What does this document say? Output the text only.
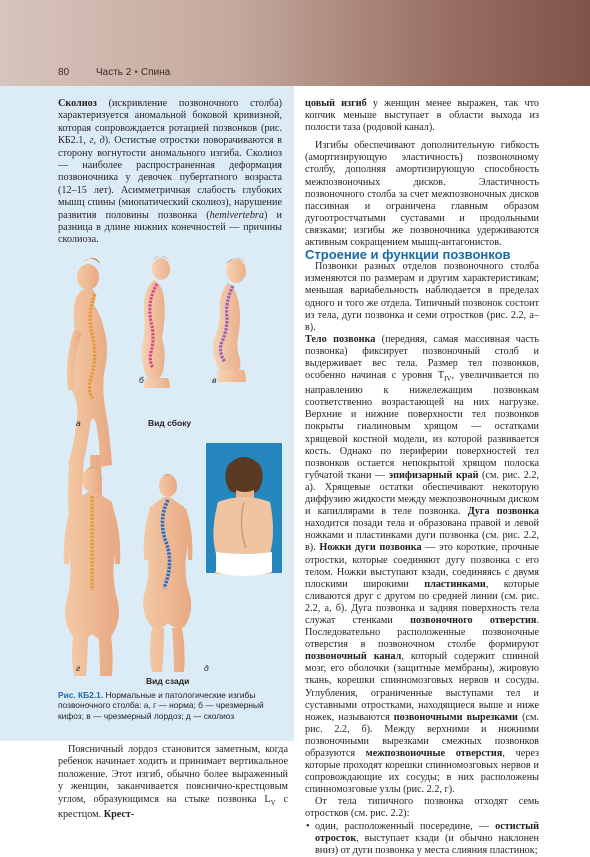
80	Часть 2 • Спина

Сколиоз (искривление позвоночного столба) характеризуется аномальной боковой кривизной, которая сопровождается ротацией позвонков (рис. КБ2.1, г, д). Остистые отростки поворачиваются в сторону вогнутости аномального изгиба. Сколиоз — наиболее распространенная деформация позвоночника у девочек пубертатного возраста (12–15 лет). Асимметричная слабость глубоких мышц спины (миопатический сколиоз), нарушение развития половины позвонка (hemivertebra) и разница в длине нижних конечностей — причины сколиоза.

а
б	в
Вид сбоку
г	д
Вид сзади
Рис. КБ2.1. Нормальные и патологические изгибы позвоночного столба: а, г — норма; б — чрезмерный кифоз; в — чрезмерный лордоз; д — сколиоз

Поясничный лордоз становится заметным, когда ребенок начинает ходить и принимает вертикальное положение. Этот изгиб, обычно более выраженный у женщин, заканчивается пояснично-крестцовым углом, образующимся на стыке позвонка $L_V$ с крестцом. Крест-

цовый изгиб у женщин менее выражен, так что копчик меньше выступает в области выхода из полости таза (родовой канал).

Изгибы обеспечивают дополнительную гибкость (амортизирующую эластичность) позвоночному столбу, дополняя амортизирующую способность межпозвоночных дисков. Эластичность позвоночного столба за счет межпозвоночных дисков пассивная и ограничена главным образом дугоотростчатыми суставами и продольными связками; изгибы же позвоночника удерживаются активным сокращением мышц-антагонистов.

Строение и функции позвонков

Позвонки разных отделов позвоночного столба изменяются по размерам и другим характеристикам; меньшая вариабельность наблюдается в пределах одного и того же отдела. Типичный позвонок состоит из тела, дуги позвонка и семи отростков (рис. 2.2, а–в).

Тело позвонка (передняя, самая массивная часть позвонка) фиксирует позвоночный столб и выдерживает вес тела. Размер тел позвонков, особенно начиная с уровня $T_{IV}$, увеличивается по направлению к нижележащим позвонкам соответственно возрастающей на них нагрузке. Верхние и нижние поверхности тел позвонков покрыты гиалиновым хрящом — остатками хрящевой костной модели, из которой развивается кость. Однако по периферии поверхностей тел позвонков остается непокрытой хрящом полоска губчатой ткани — эпифизарный край (см. рис. 2.2, а). Хрящевые остатки обеспечивают некоторую диффузию жидкости между межпозвоночным диском и капиллярами в теле позвонка. Дуга позвонка находится позади тела и образована правой и левой ножками и пластинками дуги позвонка (см. рис. 2.2, в). Ножки дуги позвонка — это короткие, прочные отростки, которые соединяют дугу позвонка с его телом. Ножки выступают кзади, соединяясь с двумя плоскими широкими пластинками, которые сливаются друг с другом по средней линии (см. рис. 2.2, а, б). Дуга позвонка и задняя поверхность тела служат стенками позвоночного отверстия. Последовательно расположенные позвоночные отверстия в позвоночном столбе формируют позвоночный канал, который содержит спинной мозг, его оболочки (защитные мембраны), жировую ткань, корешки спинномозговых нервов и сосуды. Углубления, ограниченные выступами тел и суставными отростками, находящиеся выше и ниже ножек, называются позвоночными вырезками (см. рис. 2.2, б). Между верхними и нижними позвоночными вырезками смежных позвонков образуются межпозвоночные отверстия, через которые проходят корешки спинномозговых нервов и сопровождающие их сосуды; в них расположены спинномозговые узлы (рис. 2.2, г).

От тела типичного позвонка отходят семь отростков (см. рис. 2.2):

• один, расположенный посередине, — остистый отросток, выступает кзади (и обычно наклонен вниз) от дуги позвонка у места слияния пластинок;
